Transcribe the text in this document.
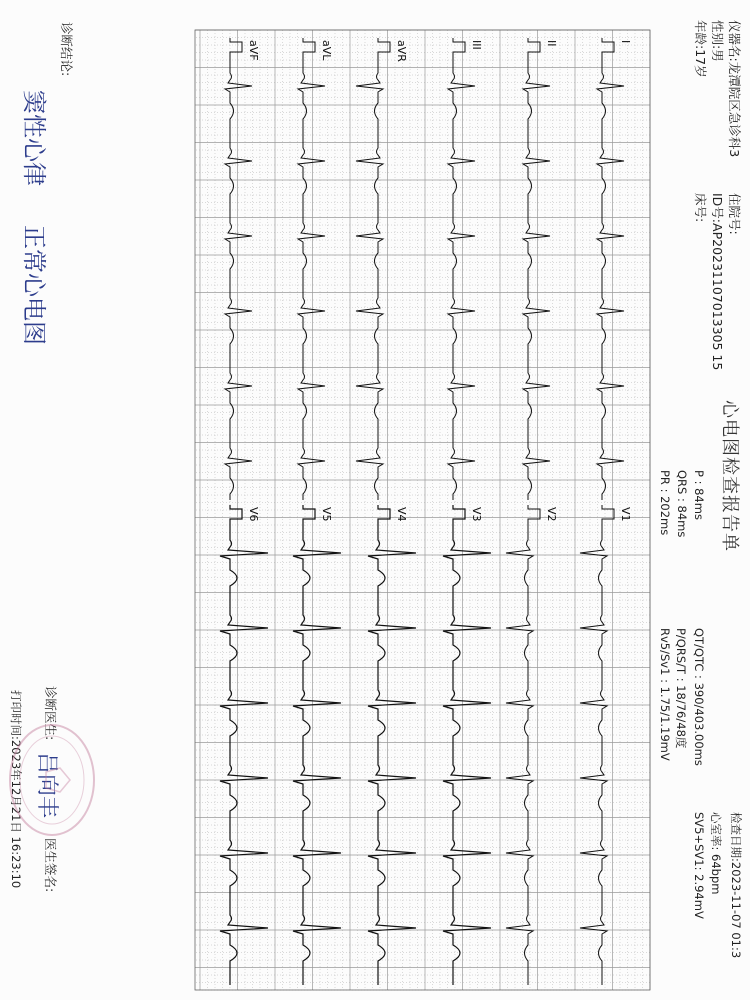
仪器名:龙潭院区急诊科3
性别:男
年龄:17岁
住院号:
ID号:AP20231107013305 15
床号:
心电图检查报告单
P : 84ms
QRS : 84ms
PR : 202ms
QT/QTC : 390/403.00ms
P/QRS/T : 18/76/48度
Rv5/Sv1 : 1.75/1.19mV
检查日期:2023-11-07 01:3
心室率: 64bpm
SV5+SV1: 2.94mV
I
II
III
aVR
aVL
aVF
V1
V2
V3
V4
V5
V6
诊断结论:
窦性心律
正常心电图
诊断医生:
吕向丰
医生签名:
打印时间:2023年12月21日 16:23:10
